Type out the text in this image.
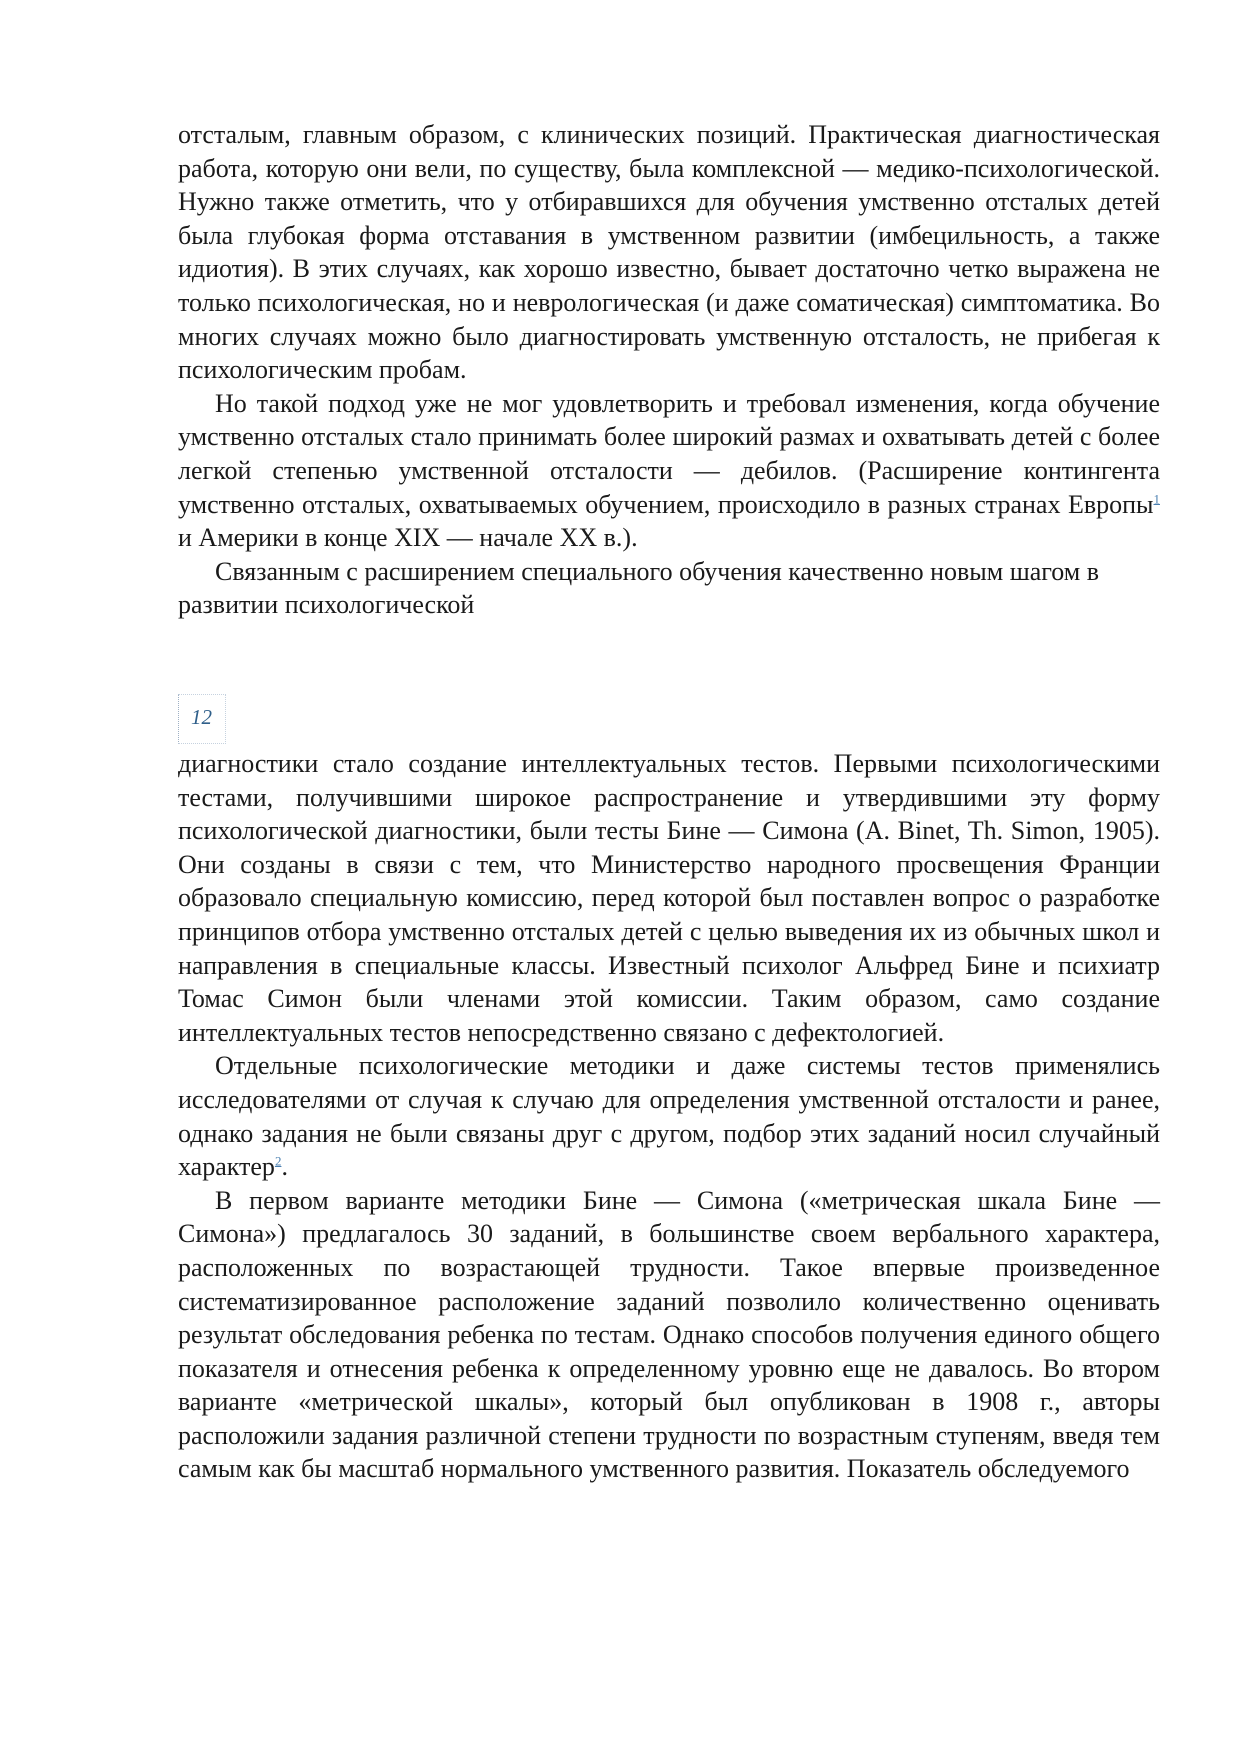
отсталым, главным образом, с клинических позиций. Практическая диагностическая работа, которую они вели, по существу, была комплексной — медико-психологической. Нужно также отметить, что у отбиравшихся для обучения умственно отсталых детей была глубокая форма отставания в умственном развитии (имбецильность, а также идиотия). В этих случаях, как хорошо известно, бывает достаточно четко выражена не только психологическая, но и неврологическая (и даже соматическая) симптоматика. Во многих случаях можно было диагностировать умственную отсталость, не прибегая к психологическим пробам.

Но такой подход уже не мог удовлетворить и требовал изменения, когда обучение умственно отсталых стало принимать более широкий размах и охватывать детей с более легкой степенью умственной отсталости — дебилов. (Расширение контингента умственно отсталых, охватываемых обучением, происходило в разных странах Европы$^1$ и Америки в конце XIX — начале XX в.).

Связанным с расширением специального обучения качественно новым шагом в развитии психологической

12

диагностики стало создание интеллектуальных тестов. Первыми психологическими тестами, получившими широкое распространение и утвердившими эту форму психологической диагностики, были тесты Бине — Симона (A. Binet, Th. Simon, 1905). Они созданы в связи с тем, что Министерство народного просвещения Франции образовало специальную комиссию, перед которой был поставлен вопрос о разработке принципов отбора умственно отсталых детей с целью выведения их из обычных школ и направления в специальные классы. Известный психолог Альфред Бине и психиатр Томас Симон были членами этой комиссии. Таким образом, само создание интеллектуальных тестов непосредственно связано с дефектологией.

Отдельные психологические методики и даже системы тестов применялись исследователями от случая к случаю для определения умственной отсталости и ранее, однако задания не были связаны друг с другом, подбор этих заданий носил случайный характер$^2$.

В первом варианте методики Бине — Симона («метрическая шкала Бине — Симона») предлагалось 30 заданий, в большинстве своем вербального характера, расположенных по возрастающей трудности. Такое впервые произведенное систематизированное расположение заданий позволило количественно оценивать результат обследования ребенка по тестам. Однако способов получения единого общего показателя и отнесения ребенка к определенному уровню еще не давалось. Во втором варианте «метрической шкалы», который был опубликован в 1908 г., авторы расположили задания различной степени трудности по возрастным ступеням, введя тем самым как бы масштаб нормального умственного развития. Показатель обследуемого
